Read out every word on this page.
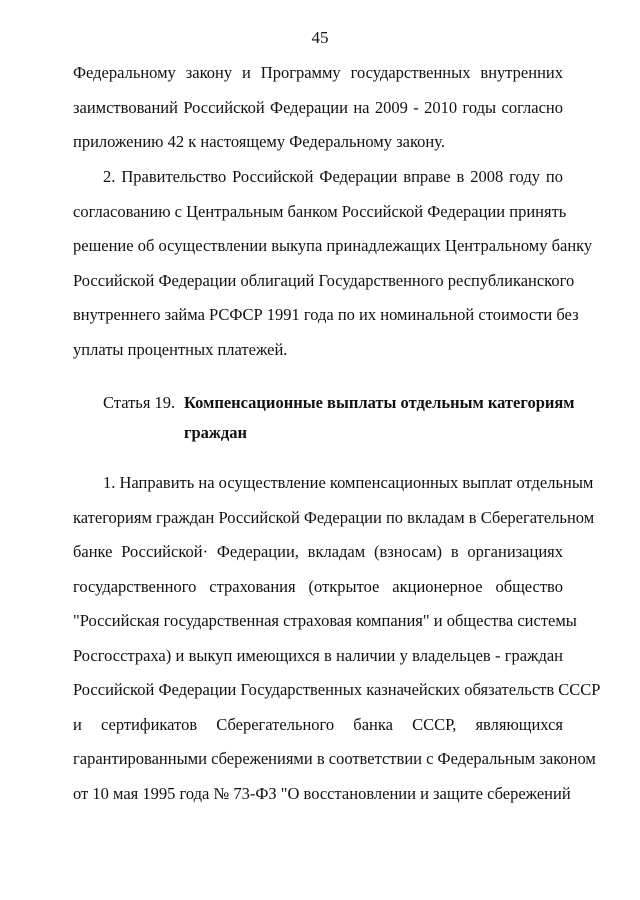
45
Федеральному закону и Программу государственных внутренних
заимствований Российской Федерации на 2009 - 2010 годы согласно
приложению 42 к настоящему Федеральному закону.
2. Правительство Российской Федерации вправе в 2008 году по
согласованию с Центральным банком Российской Федерации принять
решение об осуществлении выкупа принадлежащих Центральному банку
Российской Федерации облигаций Государственного республиканского
внутреннего займа РСФСР 1991 года по их номинальной стоимости без
уплаты процентных платежей.
Статья 19. Компенсационные выплаты отдельным категориям
граждан
1. Направить на осуществление компенсационных выплат отдельным
категориям граждан Российской Федерации по вкладам в Сберегательном
банке Российской· Федерации, вкладам (взносам) в организациях
государственного страхования (открытое акционерное общество
"Российская государственная страховая компания" и общества системы
Росгосстраха) и выкуп имеющихся в наличии у владельцев - граждан
Российской Федерации Государственных казначейских обязательств СССР
и сертификатов Сберегательного банка СССР, являющихся
гарантированными сбережениями в соответствии с Федеральным законом
от 10 мая 1995 года № 73-ФЗ "О восстановлении и защите сбережений
